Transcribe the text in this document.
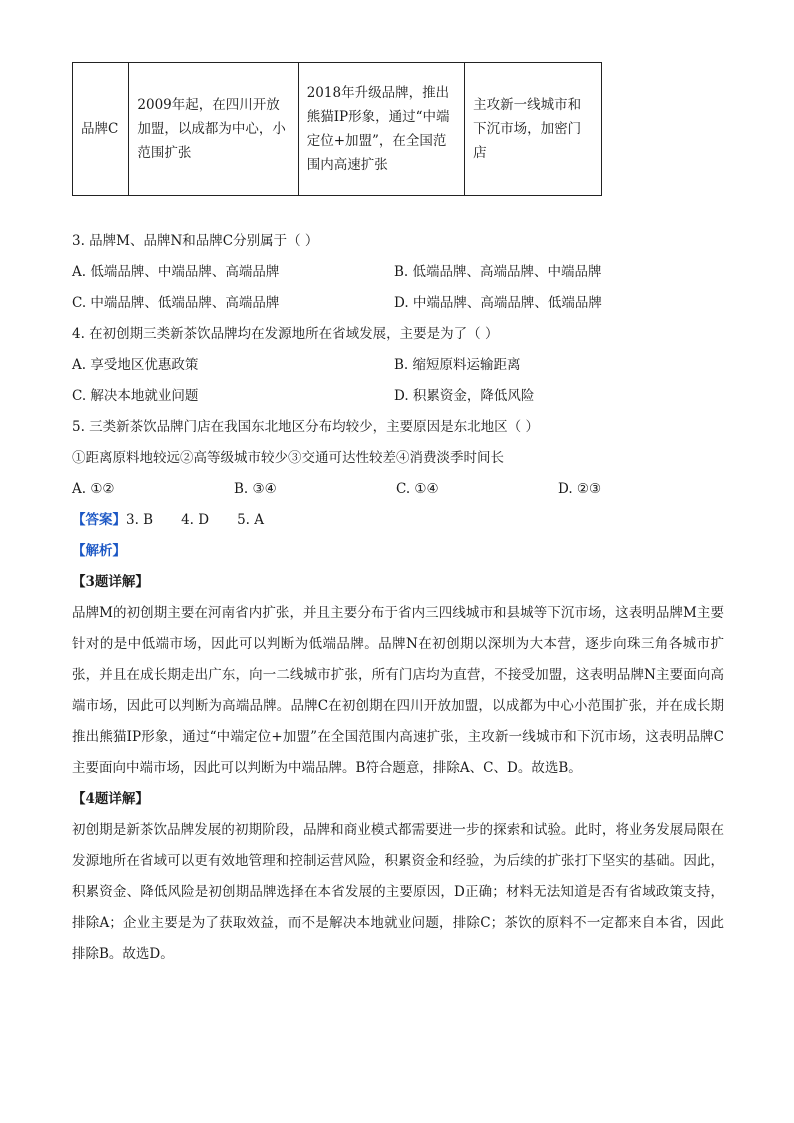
品牌C	2009年起，在四川开放加盟，以成都为中心，小范围扩张	2018年升级品牌，推出熊猫IP形象，通过“中端定位+加盟”，在全国范围内高速扩张	主攻新一线城市和下沉市场，加密门店
3. 品牌M、品牌N和品牌C分别属于（ ）
A. 低端品牌、中端品牌、高端品牌	B. 低端品牌、高端品牌、中端品牌
C. 中端品牌、低端品牌、高端品牌	D. 中端品牌、高端品牌、低端品牌
4. 在初创期三类新茶饮品牌均在发源地所在省域发展，主要是为了（ ）
A. 享受地区优惠政策	B. 缩短原料运输距离
C. 解决本地就业问题	D. 积累资金，降低风险
5. 三类新茶饮品牌门店在我国东北地区分布均较少，主要原因是东北地区（ ）
①距离原料地较远②高等级城市较少③交通可达性较差④消费淡季时间长
A. ①②	B. ③④	C. ①④	D. ②③
【答案】3. B 4. D 5. A
【解析】
【3题详解】
品牌M的初创期主要在河南省内扩张，并且主要分布于省内三四线城市和县城等下沉市场，这表明品牌M主要针对的是中低端市场，因此可以判断为低端品牌。品牌N在初创期以深圳为大本营，逐步向珠三角各城市扩张，并且在成长期走出广东，向一二线城市扩张，所有门店均为直营，不接受加盟，这表明品牌N主要面向高端市场，因此可以判断为高端品牌。品牌C在初创期在四川开放加盟，以成都为中心小范围扩张，并在成长期推出熊猫IP形象，通过“中端定位+加盟”在全国范围内高速扩张，主攻新一线城市和下沉市场，这表明品牌C主要面向中端市场，因此可以判断为中端品牌。B符合题意，排除A、C、D。故选B。
【4题详解】
初创期是新茶饮品牌发展的初期阶段，品牌和商业模式都需要进一步的探索和试验。此时，将业务发展局限在发源地所在省域可以更有效地管理和控制运营风险，积累资金和经验，为后续的扩张打下坚实的基础。因此，积累资金、降低风险是初创期品牌选择在本省发展的主要原因，D正确；材料无法知道是否有省域政策支持，排除A；企业主要是为了获取效益，而不是解决本地就业问题，排除C；茶饮的原料不一定都来自本省，因此排除B。故选D。
